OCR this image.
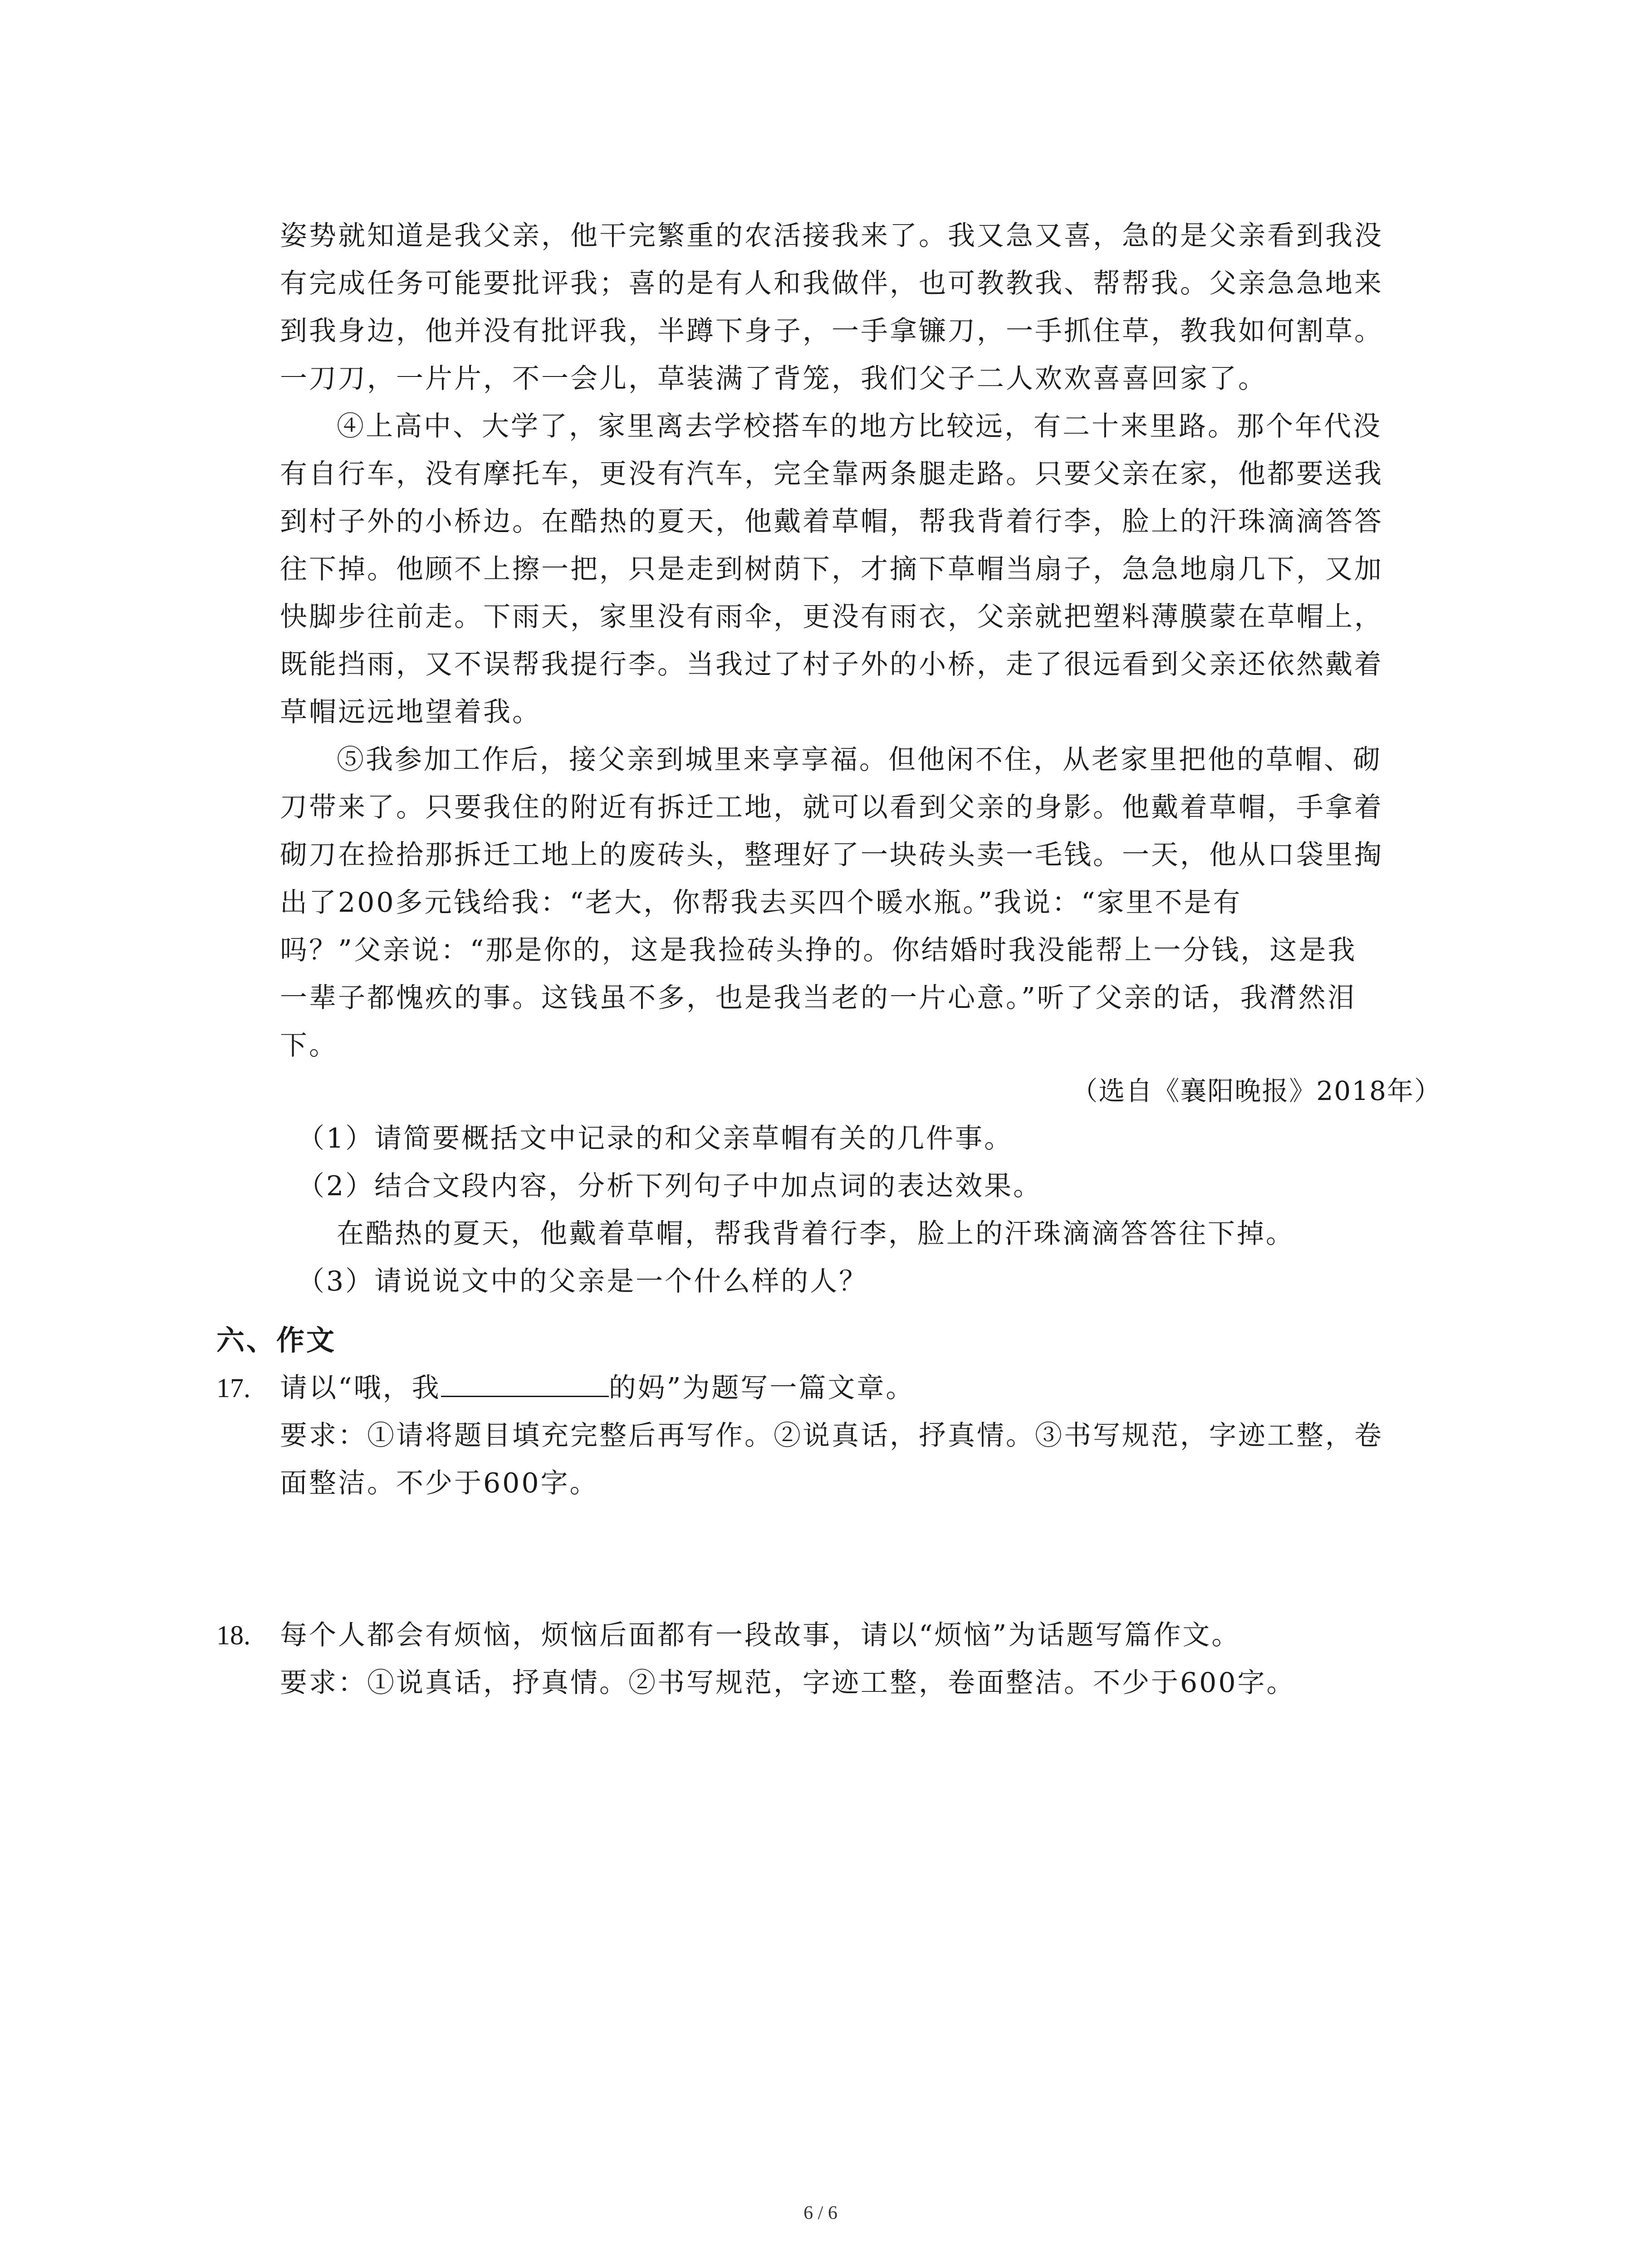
姿势就知道是我父亲，他干完繁重的农活接我来了。我又急又喜，急的是父亲看到我没
有完成任务可能要批评我；喜的是有人和我做伴，也可教教我、帮帮我。父亲急急地来
到我身边，他并没有批评我，半蹲下身子，一手拿镰刀，一手抓住草，教我如何割草。
一刀刀，一片片，不一会儿，草装满了背笼，我们父子二人欢欢喜喜回家了。
④上高中、大学了，家里离去学校搭车的地方比较远，有二十来里路。那个年代没
有自行车，没有摩托车，更没有汽车，完全靠两条腿走路。只要父亲在家，他都要送我
到村子外的小桥边。在酷热的夏天，他戴着草帽，帮我背着行李，脸上的汗珠滴滴答答
往下掉。他顾不上擦一把，只是走到树荫下，才摘下草帽当扇子，急急地扇几下，又加
快脚步往前走。下雨天，家里没有雨伞，更没有雨衣，父亲就把塑料薄膜蒙在草帽上，
既能挡雨，又不误帮我提行李。当我过了村子外的小桥，走了很远看到父亲还依然戴着
草帽远远地望着我。
⑤我参加工作后，接父亲到城里来享享福。但他闲不住，从老家里把他的草帽、砌
刀带来了。只要我住的附近有拆迁工地，就可以看到父亲的身影。他戴着草帽，手拿着
砌刀在捡拾那拆迁工地上的废砖头，整理好了一块砖头卖一毛钱。一天，他从口袋里掏
出了200多元钱给我：“老大，你帮我去买四个暖水瓶。”我说：“家里不是有
吗？”父亲说：“那是你的，这是我捡砖头挣的。你结婚时我没能帮上一分钱，这是我
一辈子都愧疚的事。这钱虽不多，也是我当老的一片心意。”听了父亲的话，我潸然泪
下。
（选自《襄阳晚报》2018年）
（1）请简要概括文中记录的和父亲草帽有关的几件事。
（2）结合文段内容，分析下列句子中加点词的表达效果。
在酷热的夏天，他戴着草帽，帮我背着行李，脸上的汗珠滴滴答答往下掉。
（3）请说说文中的父亲是一个什么样的人？
六、作文
17. 请以“哦，我	的妈”为题写一篇文章。
要求：①请将题目填充完整后再写作。②说真话，抒真情。③书写规范，字迹工整，卷
面整洁。不少于600字。
18. 每个人都会有烦恼，烦恼后面都有一段故事，请以“烦恼”为话题写篇作文。
要求：①说真话，抒真情。②书写规范，字迹工整，卷面整洁。不少于600字。
6 / 6
